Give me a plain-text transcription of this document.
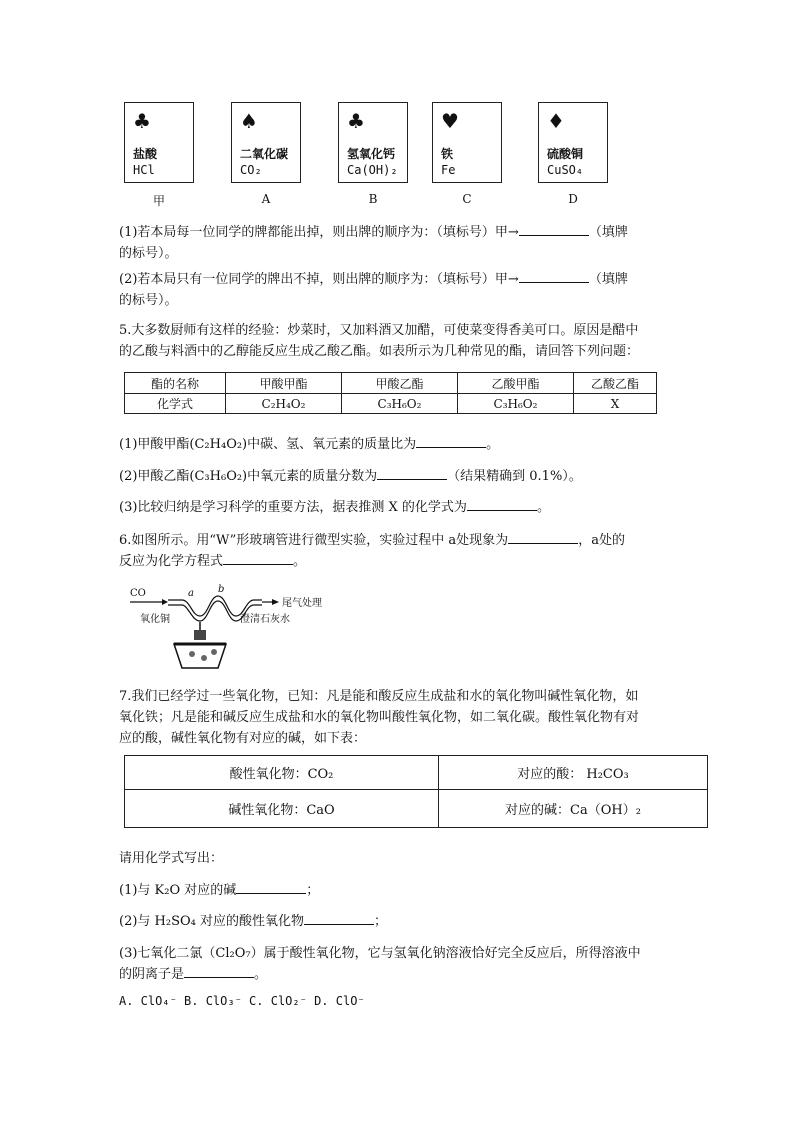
♣
盐酸
HCl
甲
♠
二氧化碳
CO₂
A
♣
氢氧化钙
Ca(OH)₂
B
♥
铁
Fe
C
♦
硫酸铜
CuSO₄
D
(1)若本局每一位同学的牌都能出掉，则出牌的顺序为：（填标号）甲→	（填牌
的标号）。
(2)若本局只有一位同学的牌出不掉，则出牌的顺序为：（填标号）甲→	（填牌
的标号）。
5.大多数厨师有这样的经验：炒菜时，又加料酒又加醋，可使菜变得香美可口。原因是醋中
的乙酸与料酒中的乙醇能反应生成乙酸乙酯。如表所示为几种常见的酯，请回答下列问题：
酯的名称	甲酸甲酯	甲酸乙酯	乙酸甲酯	乙酸乙酯
化学式	C₂H₄O₂	C₃H₆O₂	C₃H₆O₂	X
(1)甲酸甲酯(C₂H₄O₂)中碳、氢、氧元素的质量比为	。
(2)甲酸乙酯(C₃H₆O₂)中氧元素的质量分数为	（结果精确到 0.1%）。
(3)比较归纳是学习科学的重要方法，据表推测 X 的化学式为	。
6.如图所示。用“W”形玻璃管进行微型实验，实验过程中 a处现象为	，a处的
反应为化学方程式	。
CO	a b
尾气处理
氧化铜	澄清石灰水
7.我们已经学过一些氧化物，已知：凡是能和酸反应生成盐和水的氧化物叫碱性氧化物，如
氧化铁；凡是能和碱反应生成盐和水的氧化物叫酸性氧化物，如二氧化碳。酸性氧化物有对
应的酸，碱性氧化物有对应的碱，如下表：
酸性氧化物：CO₂	对应的酸： H₂CO₃
碱性氧化物：CaO	对应的碱：Ca（OH）₂
请用化学式写出：
(1)与 K₂O 对应的碱	；
(2)与 H₂SO₄ 对应的酸性氧化物	；
(3)七氧化二氯（Cl₂O₇）属于酸性氧化物，它与氢氧化钠溶液恰好完全反应后，所得溶液中
的阴离子是	。
A. ClO₄⁻ B. ClO₃⁻ C. ClO₂⁻ D. ClO⁻
